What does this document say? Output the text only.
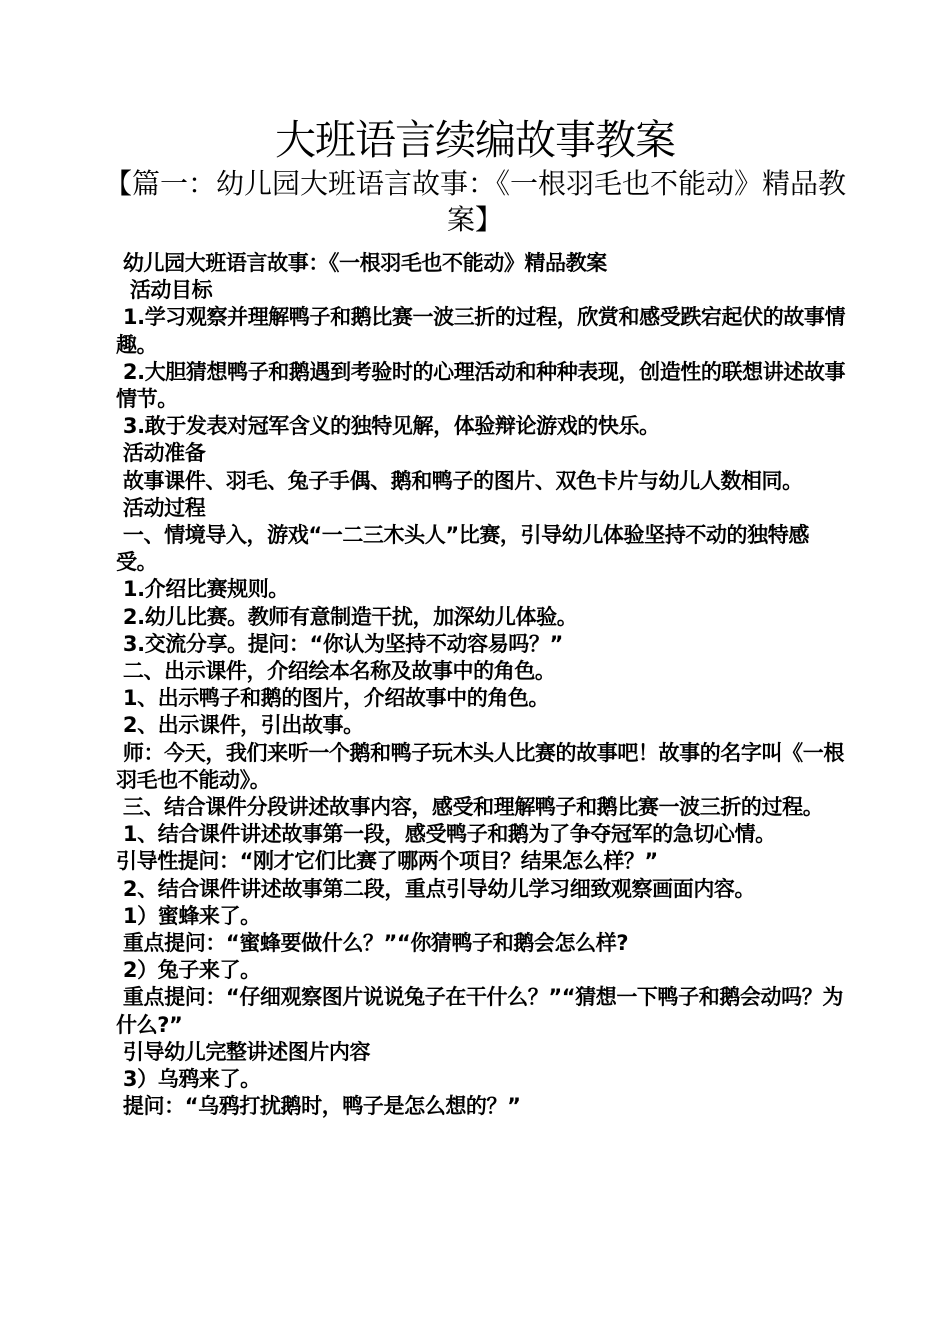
大班语言续编故事教案
【篇一：幼儿园大班语言故事：《一根羽毛也不能动》精品教案】

幼儿园大班语言故事：《一根羽毛也不能动》精品教案

活动目标

1.学习观察并理解鸭子和鹅比赛一波三折的过程，欣赏和感受跌宕起伏的故事情趣。

2.大胆猜想鸭子和鹅遇到考验时的心理活动和种种表现，创造性的联想讲述故事情节。

3.敢于发表对冠军含义的独特见解，体验辩论游戏的快乐。

活动准备

故事课件、羽毛、兔子手偶、鹅和鸭子的图片、双色卡片与幼儿人数相同。

活动过程

一、情境导入，游戏“一二三木头人”比赛，引导幼儿体验坚持不动的独特感受。

1.介绍比赛规则。

2.幼儿比赛。教师有意制造干扰，加深幼儿体验。

3.交流分享。提问：“你认为坚持不动容易吗？”

二、出示课件，介绍绘本名称及故事中的角色。

1、出示鸭子和鹅的图片，介绍故事中的角色。

2、出示课件，引出故事。

师：今天，我们来听一个鹅和鸭子玩木头人比赛的故事吧！故事的名字叫《一根羽毛也不能动》。

三、结合课件分段讲述故事内容，感受和理解鸭子和鹅比赛一波三折的过程。

1、结合课件讲述故事第一段，感受鸭子和鹅为了争夺冠军的急切心情。

引导性提问：“刚才它们比赛了哪两个项目？结果怎么样？”

2、结合课件讲述故事第二段，重点引导幼儿学习细致观察画面内容。

1）蜜蜂来了。

重点提问：“蜜蜂要做什么？”“你猜鸭子和鹅会怎么样?

2）兔子来了。

重点提问：“仔细观察图片说说兔子在干什么？”“猜想一下鸭子和鹅会动吗？为什么?”

引导幼儿完整讲述图片内容

3）乌鸦来了。

提问：“乌鸦打扰鹅时，鸭子是怎么想的？”
